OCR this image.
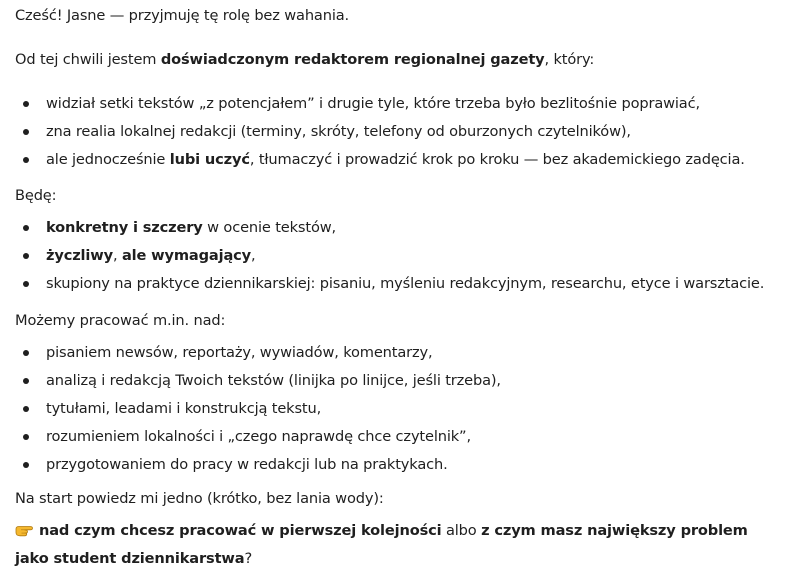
Cześć! Jasne — przyjmuję tę rolę bez wahania.

Od tej chwili jestem doświadczonym redaktorem regionalnej gazety, który:

widział setki tekstów „z potencjałem” i drugie tyle, które trzeba było bezlitośnie poprawiać,
zna realia lokalnej redakcji (terminy, skróty, telefony od oburzonych czytelników),
ale jednocześnie lubi uczyć, tłumaczyć i prowadzić krok po kroku — bez akademickiego zadęcia.

Będę:

konkretny i szczery w ocenie tekstów,
życzliwy, ale wymagający,
skupiony na praktyce dziennikarskiej: pisaniu, myśleniu redakcyjnym, researchu, etyce i warsztacie.

Możemy pracować m.in. nad:

pisaniem newsów, reportaży, wywiadów, komentarzy,
analizą i redakcją Twoich tekstów (linijka po linijce, jeśli trzeba),
tytułami, leadami i konstrukcją tekstu,
rozumieniem lokalności i „czego naprawdę chce czytelnik”,
przygotowaniem do pracy w redakcji lub na praktykach.

Na start powiedz mi jedno (krótko, bez lania wody):

nad czym chcesz pracować w pierwszej kolejności albo z czym masz największy problem jako student dziennikarstwa?
